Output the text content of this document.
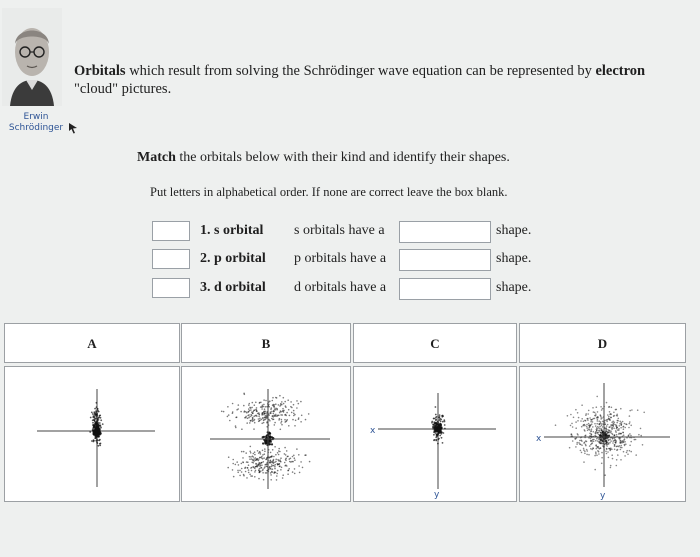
Erwin
Schrödinger
Orbitals which result from solving the Schrödinger wave equation can be represented by electron
"cloud" pictures.
Match the orbitals below with their kind and identify their shapes.
Put letters in alphabetical order. If none are correct leave the box blank.
1. s orbital s orbitals have a	shape.
2. p orbital p orbitals have a	shape.
3. d orbital d orbitals have a	shape.
A	B	C	D
x
y
x
y
